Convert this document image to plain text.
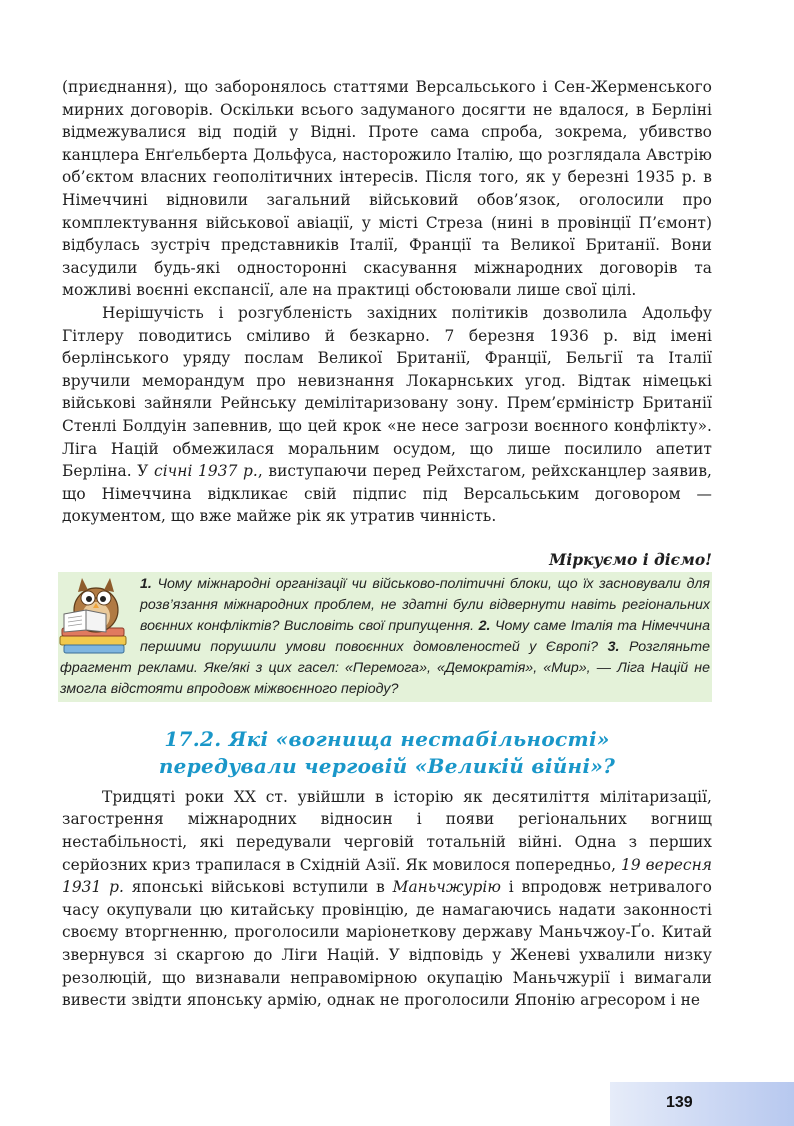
(приєднання), що заборонялось статтями Версальського і Сен-Жерменського мирних договорів. Оскільки всього задуманого досягти не вдалося, в Берліні відмежувалися від подій у Відні. Проте сама спроба, зокрема, убивство канцлера Енґельберта Дольфуса, насторожило Італію, що розглядала Австрію об’єктом власних геополітичних інтересів. Після того, як у березні 1935 р. в Німеччині відновили загальний військовий обов’язок, оголосили про комплектування військової авіації, у місті Стреза (нині в провінції П’ємонт) відбулась зустріч представників Італії, Франції та Великої Британії. Вони засудили будь-які односторонні скасування міжнародних договорів та можливі воєнні експансії, але на практиці обстоювали лише свої цілі.

Нерішучість і розгубленість західних політиків дозволила Адольфу Гітлеру поводитись сміливо й безкарно. 7 березня 1936 р. від імені берлінського уряду послам Великої Британії, Франції, Бельгії та Італії вручили меморандум про невизнання Локарнських угод. Відтак німецькі військові зайняли Рейнську демілітаризовану зону. Прем’єрміністр Британії Стенлі Болдуін запевнив, що цей крок «не несе загрози воєнного конфлікту». Ліга Націй обмежилася моральним осудом, що лише посилило апетит Берліна. У січні 1937 р., виступаючи перед Рейхстагом, рейхсканцлер заявив, що Німеччина відкликає свій підпис під Версальським договором — документом, що вже майже рік як утратив чинність.

Міркуємо і діємо!
1. Чому міжнародні організації чи військово-політичні блоки, що їх засновували для розв’язання міжнародних проблем, не здатні були відвернути навіть регіональних воєнних конфліктів? Висловіть свої припущення. 2. Чому саме Італія та Німеччина першими порушили умови повоєнних домовленостей у Європі? 3. Розгляньте фрагмент реклами. Яке/які з цих гасел: «Перемога», «Демократія», «Мир», — Ліга Націй не змогла відстояти впродовж міжвоєнного періоду?
17.2. Які «вогнища нестабільності»
передували черговій «Великій війні»?

Тридцяті роки XX ст. увійшли в історію як десятиліття мілітаризації, загострення міжнародних відносин і появи регіональних вогнищ нестабільності, які передували черговій тотальній війні. Одна з перших серйозних криз трапилася в Східній Азії. Як мовилося попередньо, 19 вересня 1931 р. японські військові вступили в Маньчжурію і впродовж нетривалого часу окупували цю китайську провінцію, де намагаючись надати законності своєму вторгненню, проголосили маріонеткову державу Маньчжоу-Ґо. Китай звернувся зі скаргою до Ліги Націй. У відповідь у Женеві ухвалили низку резолюцій, що визнавали неправомірною окупацію Маньчжурії і вимагали вивести звідти японську армію, однак не проголосили Японію агресором і не

139
